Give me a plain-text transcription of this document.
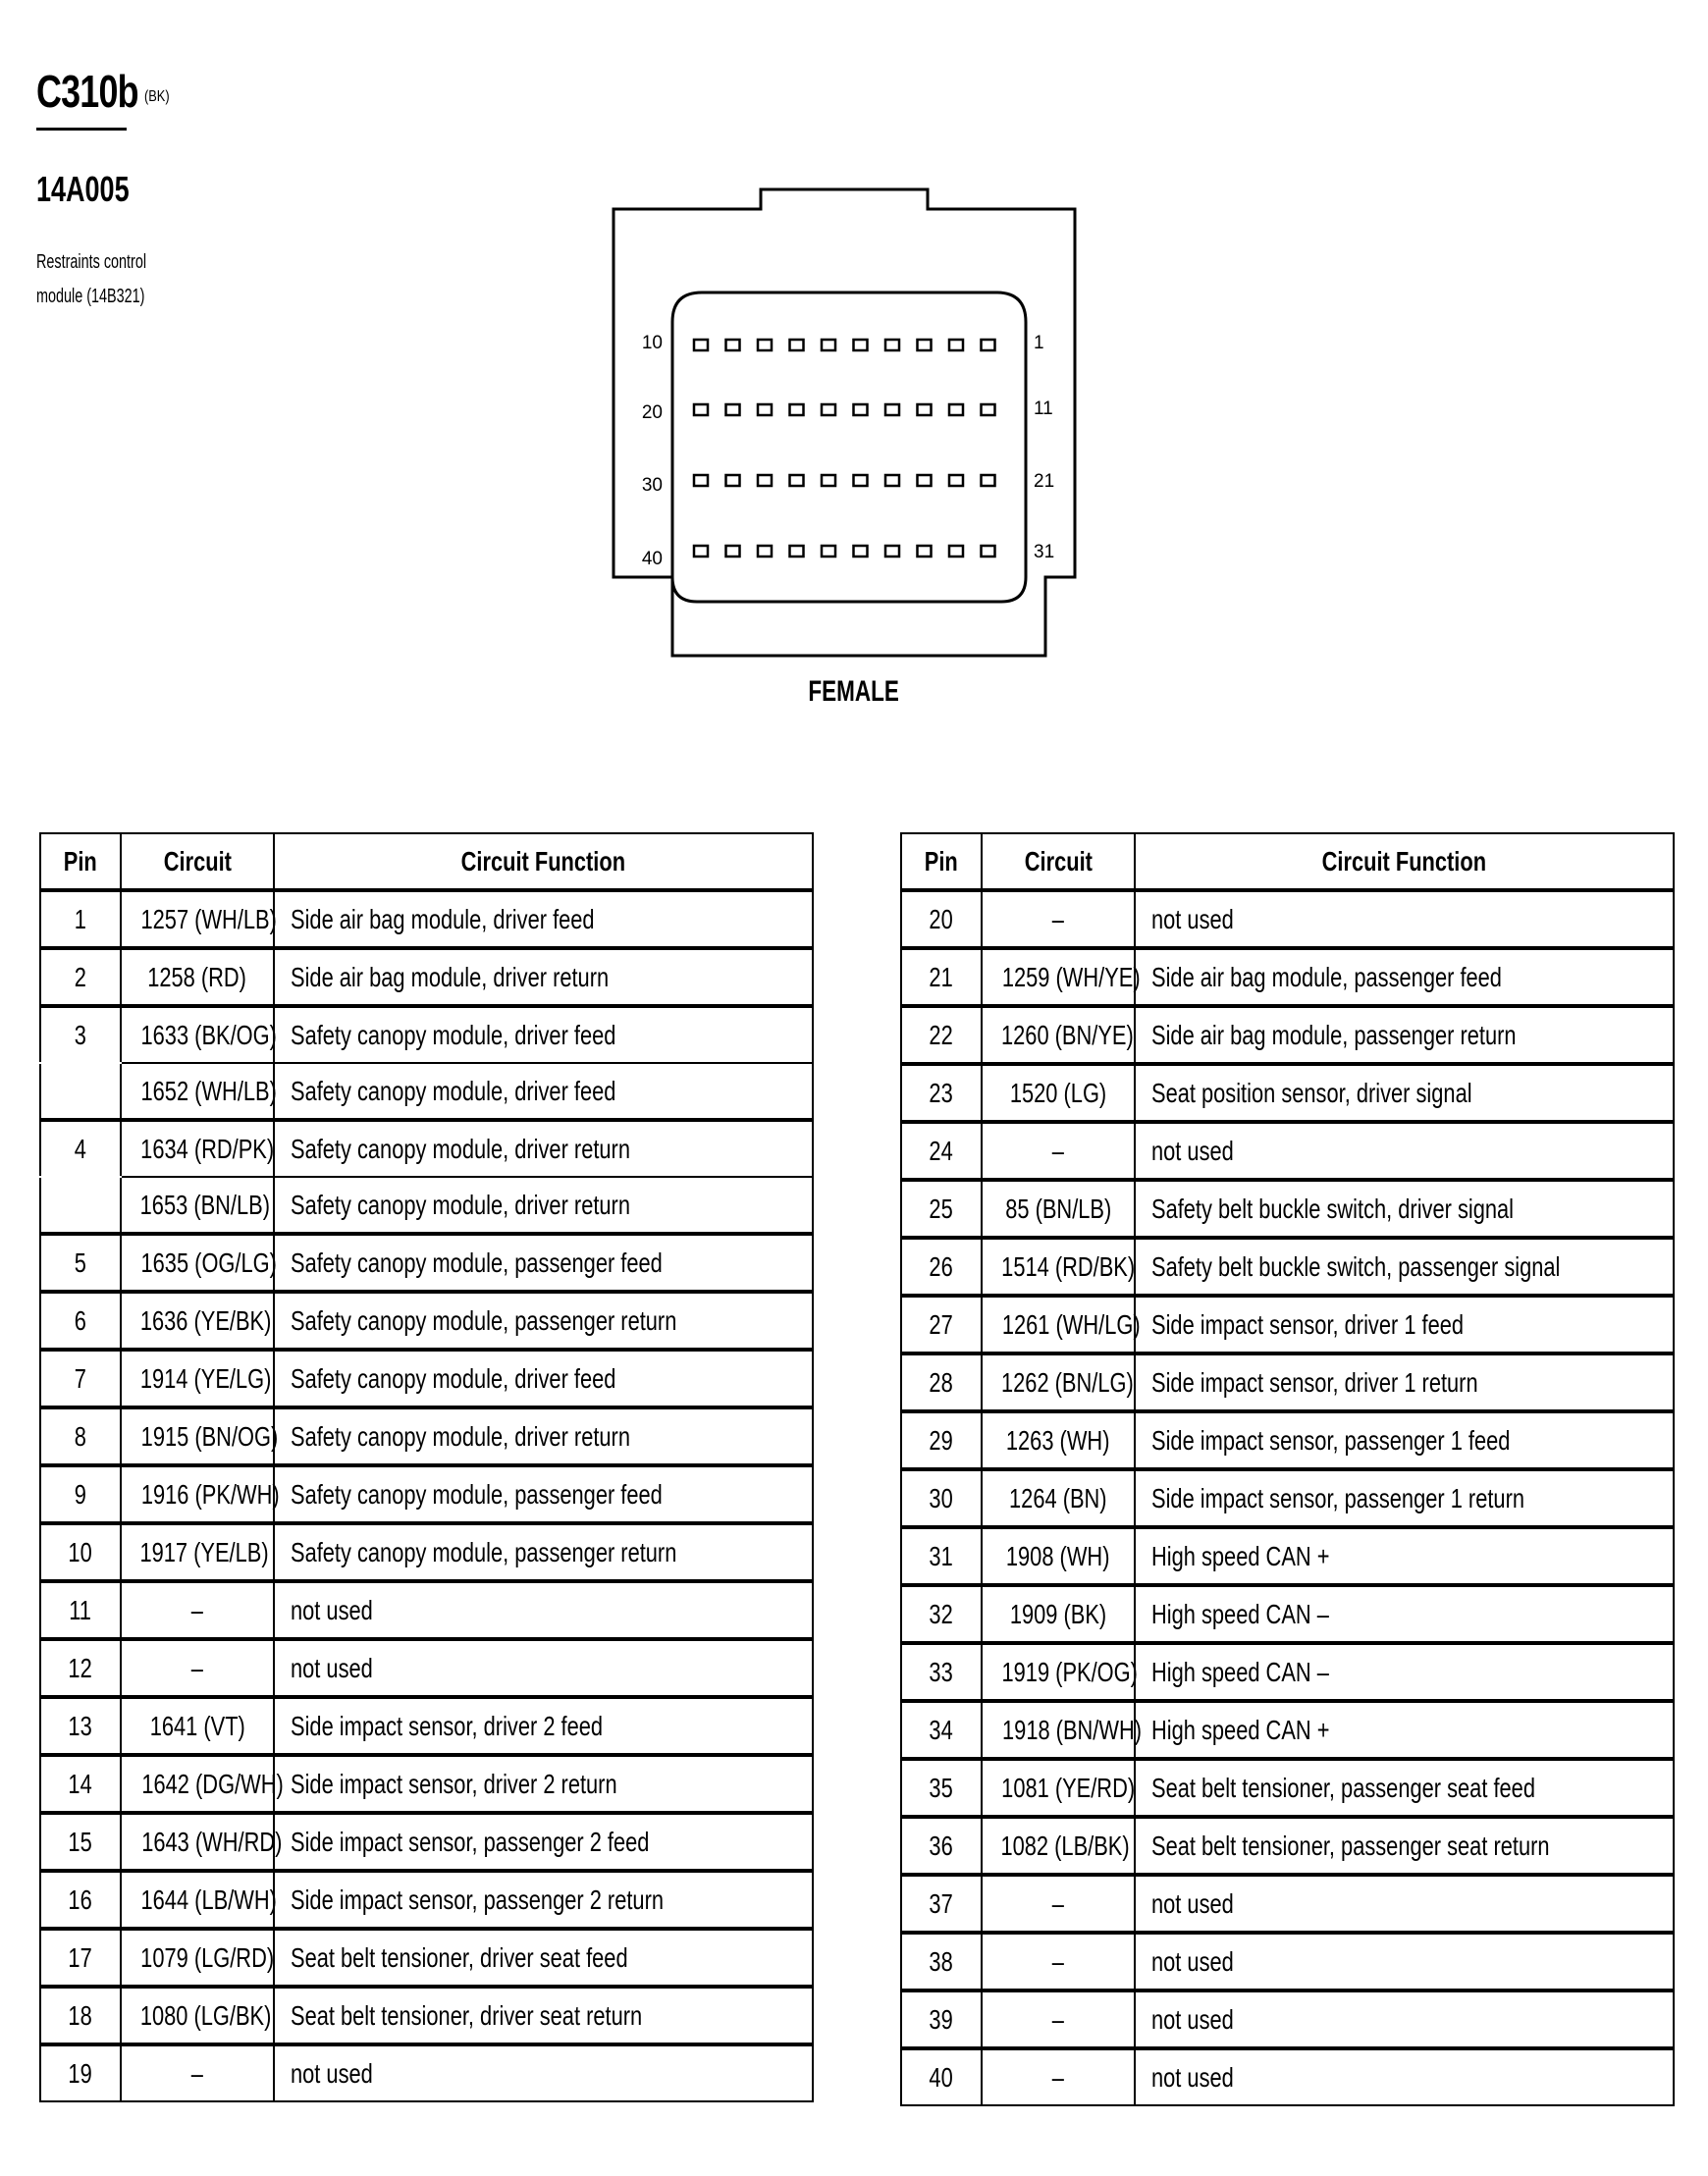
C310b (BK)
14A005
Restraints control
module (14B321)
10	1
20	11
30	21
40	31
FEMALE
Pin	Circuit	Circuit Function
1	1257 (WH/LB)	Side air bag module, driver feed
2	1258 (RD)	Side air bag module, driver return
3	1633 (BK/OG)	Safety canopy module, driver feed
	1652 (WH/LB)	Safety canopy module, driver feed
4	1634 (RD/PK)	Safety canopy module, driver return
	1653 (BN/LB)	Safety canopy module, driver return
5	1635 (OG/LG)	Safety canopy module, passenger feed
6	1636 (YE/BK)	Safety canopy module, passenger return
7	1914 (YE/LG)	Safety canopy module, driver feed
8	1915 (BN/OG)	Safety canopy module, driver return
9	1916 (PK/WH)	Safety canopy module, passenger feed
10	1917 (YE/LB)	Safety canopy module, passenger return
11	–	not used
12	–	not used
13	1641 (VT)	Side impact sensor, driver 2 feed
14	1642 (DG/WH)	Side impact sensor, driver 2 return
15	1643 (WH/RD)	Side impact sensor, passenger 2 feed
16	1644 (LB/WH)	Side impact sensor, passenger 2 return
17	1079 (LG/RD)	Seat belt tensioner, driver seat feed
18	1080 (LG/BK)	Seat belt tensioner, driver seat return
19	–	not used
Pin	Circuit	Circuit Function
20	–	not used
21	1259 (WH/YE)	Side air bag module, passenger feed
22	1260 (BN/YE)	Side air bag module, passenger return
23	1520 (LG)	Seat position sensor, driver signal
24	–	not used
25	85 (BN/LB)	Safety belt buckle switch, driver signal
26	1514 (RD/BK)	Safety belt buckle switch, passenger signal
27	1261 (WH/LG)	Side impact sensor, driver 1 feed
28	1262 (BN/LG)	Side impact sensor, driver 1 return
29	1263 (WH)	Side impact sensor, passenger 1 feed
30	1264 (BN)	Side impact sensor, passenger 1 return
31	1908 (WH)	High speed CAN +
32	1909 (BK)	High speed CAN –
33	1919 (PK/OG)	High speed CAN –
34	1918 (BN/WH)	High speed CAN +
35	1081 (YE/RD)	Seat belt tensioner, passenger seat feed
36	1082 (LB/BK)	Seat belt tensioner, passenger seat return
37	–	not used
38	–	not used
39	–	not used
40	–	not used
